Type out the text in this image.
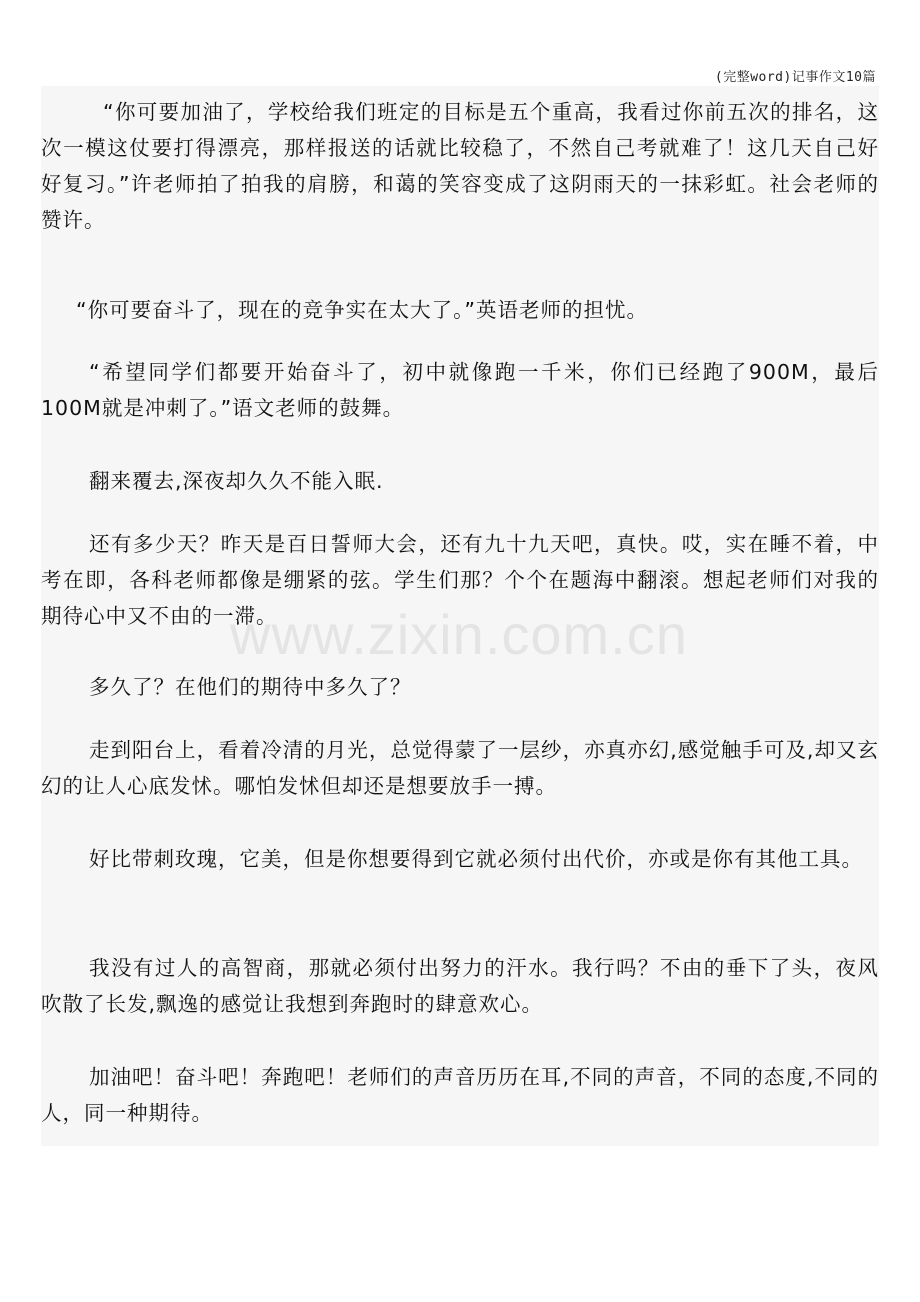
(完整word)记事作文10篇

“你可要加油了，学校给我们班定的目标是五个重高，我看过你前五次的排名，这次一模这仗要打得漂亮，那样报送的话就比较稳了，不然自己考就难了！这几天自己好好复习。”许老师拍了拍我的肩膀，和蔼的笑容变成了这阴雨天的一抹彩虹。社会老师的赞许。

“你可要奋斗了，现在的竞争实在太大了。”英语老师的担忧。

“希望同学们都要开始奋斗了，初中就像跑一千米，你们已经跑了900M，最后100M就是冲刺了。”语文老师的鼓舞。

翻来覆去,深夜却久久不能入眠.

还有多少天？昨天是百日誓师大会，还有九十九天吧，真快。哎，实在睡不着，中考在即，各科老师都像是绷紧的弦。学生们那？个个在题海中翻滚。想起老师们对我的期待心中又不由的一滞。

多久了？在他们的期待中多久了？

走到阳台上，看着冷清的月光，总觉得蒙了一层纱，亦真亦幻,感觉触手可及,却又玄幻的让人心底发怵。哪怕发怵但却还是想要放手一搏。

好比带刺玫瑰，它美，但是你想要得到它就必须付出代价，亦或是你有其他工具。

我没有过人的高智商，那就必须付出努力的汗水。我行吗？不由的垂下了头，夜风吹散了长发,飘逸的感觉让我想到奔跑时的肆意欢心。

加油吧！奋斗吧！奔跑吧！老师们的声音历历在耳,不同的声音，不同的态度,不同的人，同一种期待。

www.zixin.com.cn
